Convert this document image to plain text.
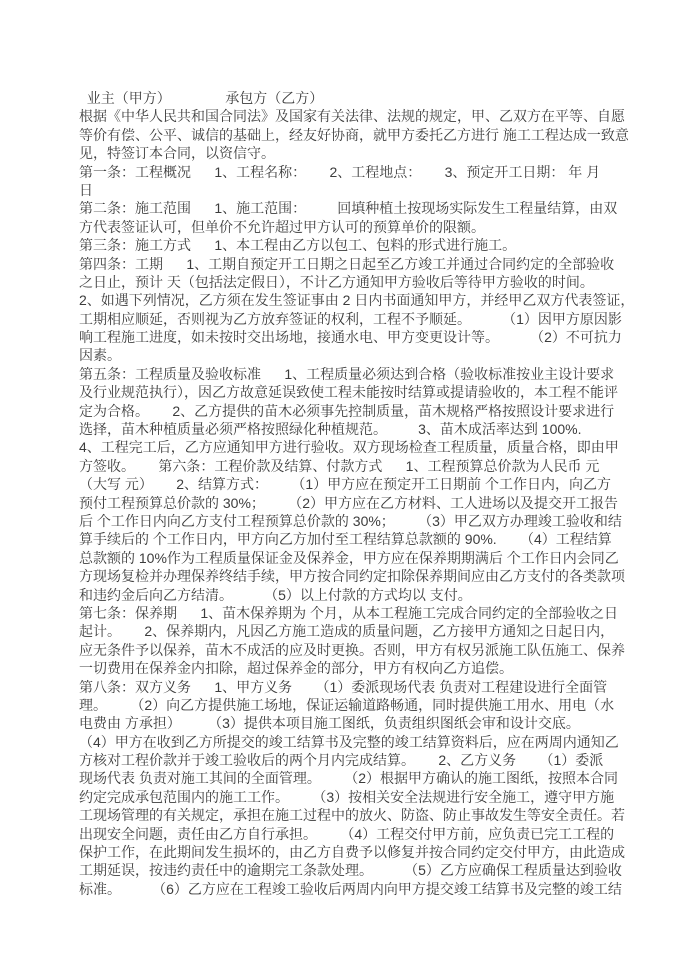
业主（甲方）              承包方（乙方）
根据《中华人民共和国合同法》及国家有关法律、法规的规定，甲、乙双方在平等、自愿
等价有偿、公平、诚信的基础上，经友好协商，就甲方委托乙方进行 施工工程达成一致意
见，特签订本合同，以资信守。
第一条：工程概况      1、工程名称：      2、工程地点：      3、预定开工日期： 年 月
日
第二条：施工范围      1、施工范围：        回填种植土按现场实际发生工程量结算，由双
方代表签证认可，但单价不允许超过甲方认可的预算单价的限额。
第三条：施工方式      1、本工程由乙方以包工、包料的形式进行施工。
第四条：工期      1、工期自预定开工日期之日起至乙方竣工并通过合同约定的全部验收
之日止，预计 天（包括法定假日），不计乙方通知甲方验收后等待甲方验收的时间。
2、如遇下列情况，乙方须在发生签证事由 2 日内书面通知甲方，并经甲乙双方代表签证，
工期相应顺延，否则视为乙方放弃签证的权利，工程不予顺延。        （1）因甲方原因影
响工程施工进度，如未按时交出场地，接通水电、甲方变更设计等。        （2）不可抗力
因素。
第五条：工程质量及验收标准      1、工程质量必须达到合格（验收标准按业主设计要求
及行业规范执行），因乙方故意延误致使工程未能按时结算或提请验收的，本工程不能评
定为合格。      2、乙方提供的苗木必须事先控制质量，苗木规格严格按照设计要求进行
选择，苗木种植质量必须严格按照绿化种植规范。        3、苗木成活率达到 100%.
4、工程完工后，乙方应通知甲方进行验收。双方现场检查工程质量，质量合格，即由甲
方签收。      第六条：工程价款及结算、付款方式      1、工程预算总价款为人民币 元
（大写 元）      2、结算方式：      （1）甲方应在预定开工日期前 个工作日内，向乙方
预付工程预算总价款的 30%；      （2）甲方应在乙方材料、工人进场以及提交开工报告
后 个工作日内向乙方支付工程预算总价款的 30%；      （3）甲乙双方办理竣工验收和结
算手续后的 个工作日内，甲方向乙方加付至工程结算总款额的 90%.      （4）工程结算
总款额的 10%作为工程质量保证金及保养金，甲方应在保养期期满后 个工作日内会同乙
方现场复检并办理保养终结手续，甲方按合同约定扣除保养期间应由乙方支付的各类款项
和违约金后向乙方结清。        （5）以上付款的方式均以 支付。
第七条：保养期      1、苗木保养期为 个月，从本工程施工完成合同约定的全部验收之日
起计。      2、保养期内，凡因乙方施工造成的质量问题，乙方接甲方通知之日起日内，
应无条件予以保养，苗木不成活的应及时更换。否则，甲方有权另派施工队伍施工、保养
一切费用在保养金内扣除，超过保养金的部分，甲方有权向乙方追偿。
第八条：双方义务      1、甲方义务      （1）委派现场代表 负责对工程建设进行全面管
理。      （2）向乙方提供施工场地，保证运输道路畅通，同时提供施工用水、用电（水
电费由 方承担）       （3）提供本项目施工图纸，负责组织图纸会审和设计交底。
（4）甲方在收到乙方所提交的竣工结算书及完整的竣工结算资料后，应在两周内通知乙
方核对工程价款并于竣工验收后的两个月内完成结算。      2、乙方义务      （1）委派
现场代表 负责对施工其间的全面管理。      （2）根据甲方确认的施工图纸，按照本合同
约定完成承包范围内的施工工作。      （3）按相关安全法规进行安全施工，遵守甲方施
工现场管理的有关规定，承担在施工过程中的放火、防盗、防止事故发生等安全责任。若
出现安全问题，责任由乙方自行承担。      （4）工程交付甲方前，应负责已完工工程的
保护工作，在此期间发生损坏的，由乙方自费予以修复并按合同约定交付甲方，由此造成
工期延误，按违约责任中的逾期完工条款处理。        （5）乙方应确保工程质量达到验收
标准。        （6）乙方应在工程竣工验收后两周内向甲方提交竣工结算书及完整的竣工结
